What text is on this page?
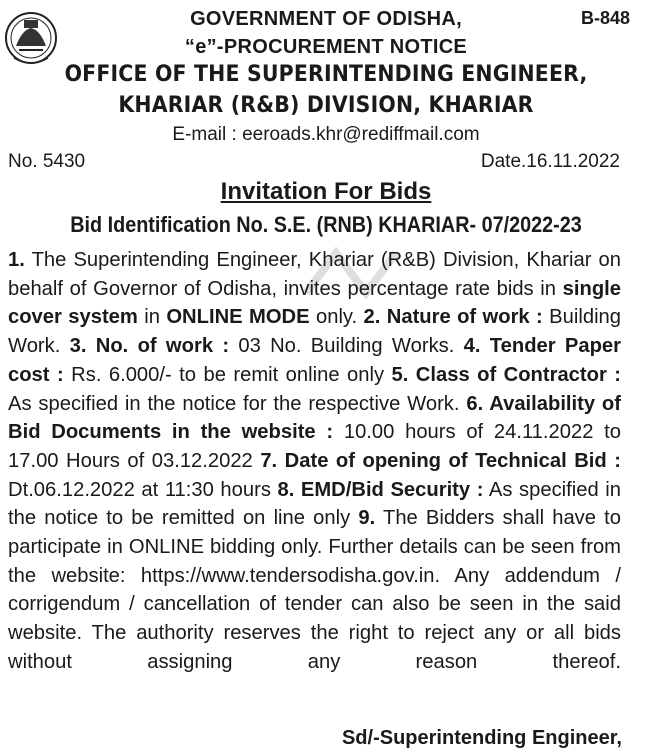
B-848
GOVERNMENT OF ODISHA,
“e”-PROCUREMENT NOTICE
OFFICE OF THE SUPERINTENDING ENGINEER,
KHARIAR (R&B) DIVISION, KHARIAR
E-mail : eeroads.khr@rediffmail.com
No. 5430	Date.16.11.2022
Invitation For Bids
Bid Identification No. S.E. (RNB) KHARIAR- 07/2022-23
1. The Superintending Engineer, Khariar (R&B) Division, Khariar on behalf of Governor of Odisha, invites percentage rate bids in single cover system in ONLINE MODE only. 2. Nature of work : Building Work. 3. No. of work : 03 No. Building Works. 4. Tender Paper cost : Rs. 6.000/- to be remit online only 5. Class of Contractor : As specified in the notice for the respective Work. 6. Availability of Bid Documents in the website : 10.00 hours of 24.11.2022 to 17.00 Hours of 03.12.2022 7. Date of opening of Technical Bid : Dt.06.12.2022 at 11:30 hours 8. EMD/Bid Security : As specified in the notice to be remitted on line only 9. The Bidders shall have to participate in ONLINE bidding only. Further details can be seen from the website: https://www.tendersodisha.gov.in. Any addendum / corrigendum / cancellation of tender can also be seen in the said website. The authority reserves the right to reject any or all bids without assigning any reason thereof.
Sd/-Superintending Engineer,
